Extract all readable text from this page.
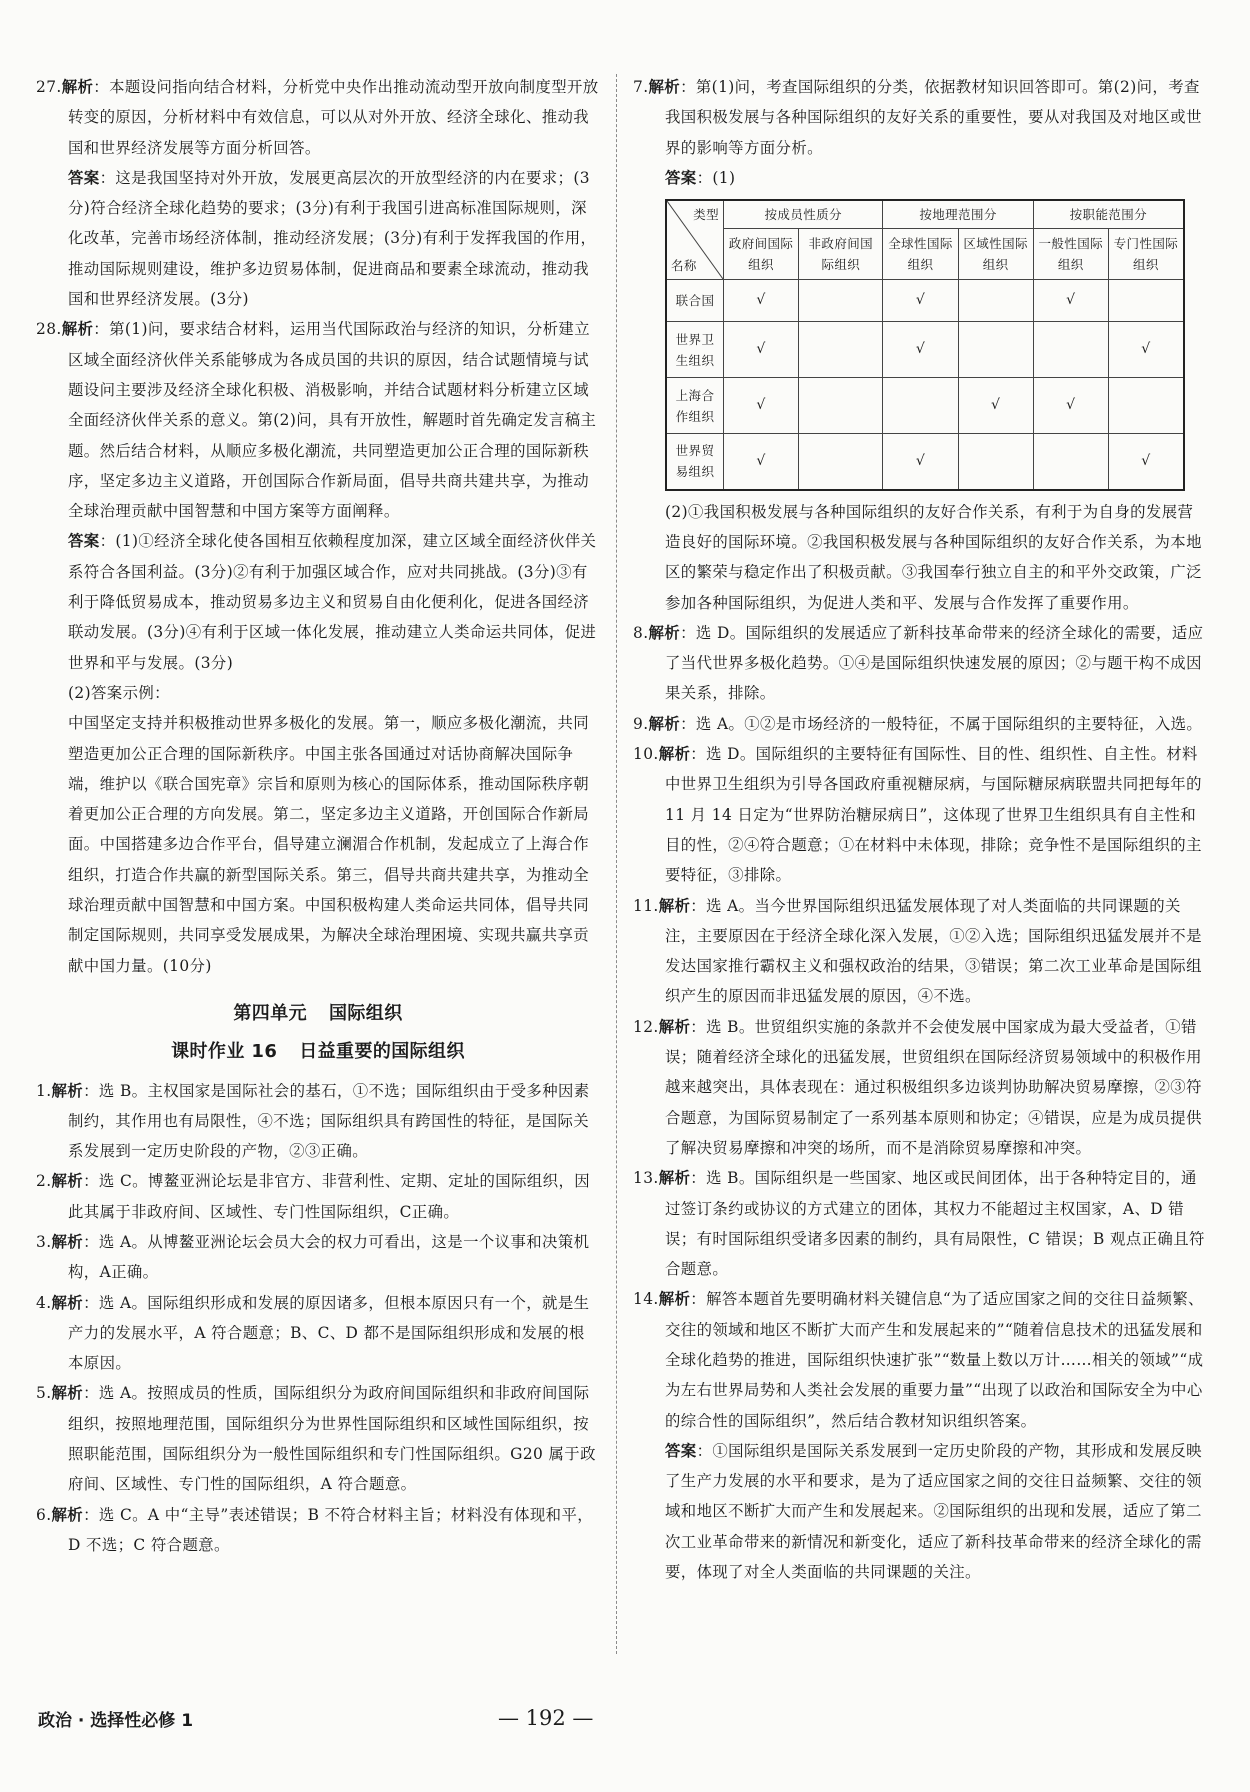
27.解析：本题设问指向结合材料，分析党中央作出推动流动型开放向制度型开放转变的原因，分析材料中有效信息，可以从对外开放、经济全球化、推动我国和世界经济发展等方面分析回答。

答案：这是我国坚持对外开放，发展更高层次的开放型经济的内在要求；(3分)符合经济全球化趋势的要求；(3分)有利于我国引进高标准国际规则，深化改革，完善市场经济体制，推动经济发展；(3分)有利于发挥我国的作用，推动国际规则建设，维护多边贸易体制，促进商品和要素全球流动，推动我国和世界经济发展。(3分)

28.解析：第(1)问，要求结合材料，运用当代国际政治与经济的知识，分析建立区域全面经济伙伴关系能够成为各成员国的共识的原因，结合试题情境与试题设问主要涉及经济全球化积极、消极影响，并结合试题材料分析建立区域全面经济伙伴关系的意义。第(2)问，具有开放性，解题时首先确定发言稿主题。然后结合材料，从顺应多极化潮流，共同塑造更加公正合理的国际新秩序，坚定多边主义道路，开创国际合作新局面，倡导共商共建共享，为推动全球治理贡献中国智慧和中国方案等方面阐释。

答案：(1)①经济全球化使各国相互依赖程度加深，建立区域全面经济伙伴关系符合各国利益。(3分)②有利于加强区域合作，应对共同挑战。(3分)③有利于降低贸易成本，推动贸易多边主义和贸易自由化便利化，促进各国经济联动发展。(3分)④有利于区域一体化发展，推动建立人类命运共同体，促进世界和平与发展。(3分)

(2)答案示例：

中国坚定支持并积极推动世界多极化的发展。第一，顺应多极化潮流，共同塑造更加公正合理的国际新秩序。中国主张各国通过对话协商解决国际争端，维护以《联合国宪章》宗旨和原则为核心的国际体系，推动国际秩序朝着更加公正合理的方向发展。第二，坚定多边主义道路，开创国际合作新局面。中国搭建多边合作平台，倡导建立澜湄合作机制，发起成立了上海合作组织，打造合作共赢的新型国际关系。第三，倡导共商共建共享，为推动全球治理贡献中国智慧和中国方案。中国积极构建人类命运共同体，倡导共同制定国际规则，共同享受发展成果，为解决全球治理困境、实现共赢共享贡献中国力量。(10分)

第四单元 国际组织

课时作业 16 日益重要的国际组织

1.解析：选 B。主权国家是国际社会的基石，①不选；国际组织由于受多种因素制约，其作用也有局限性，④不选；国际组织具有跨国性的特征，是国际关系发展到一定历史阶段的产物，②③正确。

2.解析：选 C。博鳌亚洲论坛是非官方、非营利性、定期、定址的国际组织，因此其属于非政府间、区域性、专门性国际组织，C正确。

3.解析：选 A。从博鳌亚洲论坛会员大会的权力可看出，这是一个议事和决策机构，A正确。

4.解析：选 A。国际组织形成和发展的原因诸多，但根本原因只有一个，就是生产力的发展水平，A 符合题意；B、C、D 都不是国际组织形成和发展的根本原因。

5.解析：选 A。按照成员的性质，国际组织分为政府间国际组织和非政府间国际组织，按照地理范围，国际组织分为世界性国际组织和区域性国际组织，按照职能范围，国际组织分为一般性国际组织和专门性国际组织。G20 属于政府间、区域性、专门性的国际组织，A 符合题意。

6.解析：选 C。A 中“主导”表述错误；B 不符合材料主旨；材料没有体现和平，D 不选；C 符合题意。

7.解析：第(1)问，考查国际组织的分类，依据教材知识回答即可。第(2)问，考查我国积极发展与各种国际组织的友好关系的重要性，要从对我国及对地区或世界的影响等方面分析。

答案：(1)

类型
名称	按成员性质分		按地理范围分		按职能范围分	
	政府间国际组织	非政府间国际组织	全球性国际组织	区域性国际组织	一般性国际组织	专门性国际组织
联合国	√		√		√	
世界卫生组织	√		√			√
上海合作组织	√			√	√	
世界贸易组织	√		√			√

(2)①我国积极发展与各种国际组织的友好合作关系，有利于为自身的发展营造良好的国际环境。②我国积极发展与各种国际组织的友好合作关系，为本地区的繁荣与稳定作出了积极贡献。③我国奉行独立自主的和平外交政策，广泛参加各种国际组织，为促进人类和平、发展与合作发挥了重要作用。

8.解析：选 D。国际组织的发展适应了新科技革命带来的经济全球化的需要，适应了当代世界多极化趋势。①④是国际组织快速发展的原因；②与题干构不成因果关系，排除。

9.解析：选 A。①②是市场经济的一般特征，不属于国际组织的主要特征，入选。

10.解析：选 D。国际组织的主要特征有国际性、目的性、组织性、自主性。材料中世界卫生组织为引导各国政府重视糖尿病，与国际糖尿病联盟共同把每年的 11 月 14 日定为“世界防治糖尿病日”，这体现了世界卫生组织具有自主性和目的性，②④符合题意；①在材料中未体现，排除；竞争性不是国际组织的主要特征，③排除。

11.解析：选 A。当今世界国际组织迅猛发展体现了对人类面临的共同课题的关注，主要原因在于经济全球化深入发展，①②入选；国际组织迅猛发展并不是发达国家推行霸权主义和强权政治的结果，③错误；第二次工业革命是国际组织产生的原因而非迅猛发展的原因，④不选。

12.解析：选 B。世贸组织实施的条款并不会使发展中国家成为最大受益者，①错误；随着经济全球化的迅猛发展，世贸组织在国际经济贸易领域中的积极作用越来越突出，具体表现在：通过积极组织多边谈判协助解决贸易摩擦，②③符合题意，为国际贸易制定了一系列基本原则和协定；④错误，应是为成员提供了解决贸易摩擦和冲突的场所，而不是消除贸易摩擦和冲突。

13.解析：选 B。国际组织是一些国家、地区或民间团体，出于各种特定目的，通过签订条约或协议的方式建立的团体，其权力不能超过主权国家，A、D 错误；有时国际组织受诸多因素的制约，具有局限性，C 错误；B 观点正确且符合题意。

14.解析：解答本题首先要明确材料关键信息“为了适应国家之间的交往日益频繁、交往的领域和地区不断扩大而产生和发展起来的”“随着信息技术的迅猛发展和全球化趋势的推进，国际组织快速扩张”“数量上数以万计……相关的领域”“成为左右世界局势和人类社会发展的重要力量”“出现了以政治和国际安全为中心的综合性的国际组织”，然后结合教材知识组织答案。

答案：①国际组织是国际关系发展到一定历史阶段的产物，其形成和发展反映了生产力发展的水平和要求，是为了适应国家之间的交往日益频繁、交往的领域和地区不断扩大而产生和发展起来。②国际组织的出现和发展，适应了第二次工业革命带来的新情况和新变化，适应了新科技革命带来的经济全球化的需要，体现了对全人类面临的共同课题的关注。

政治 · 选择性必修 1	— 192 —
